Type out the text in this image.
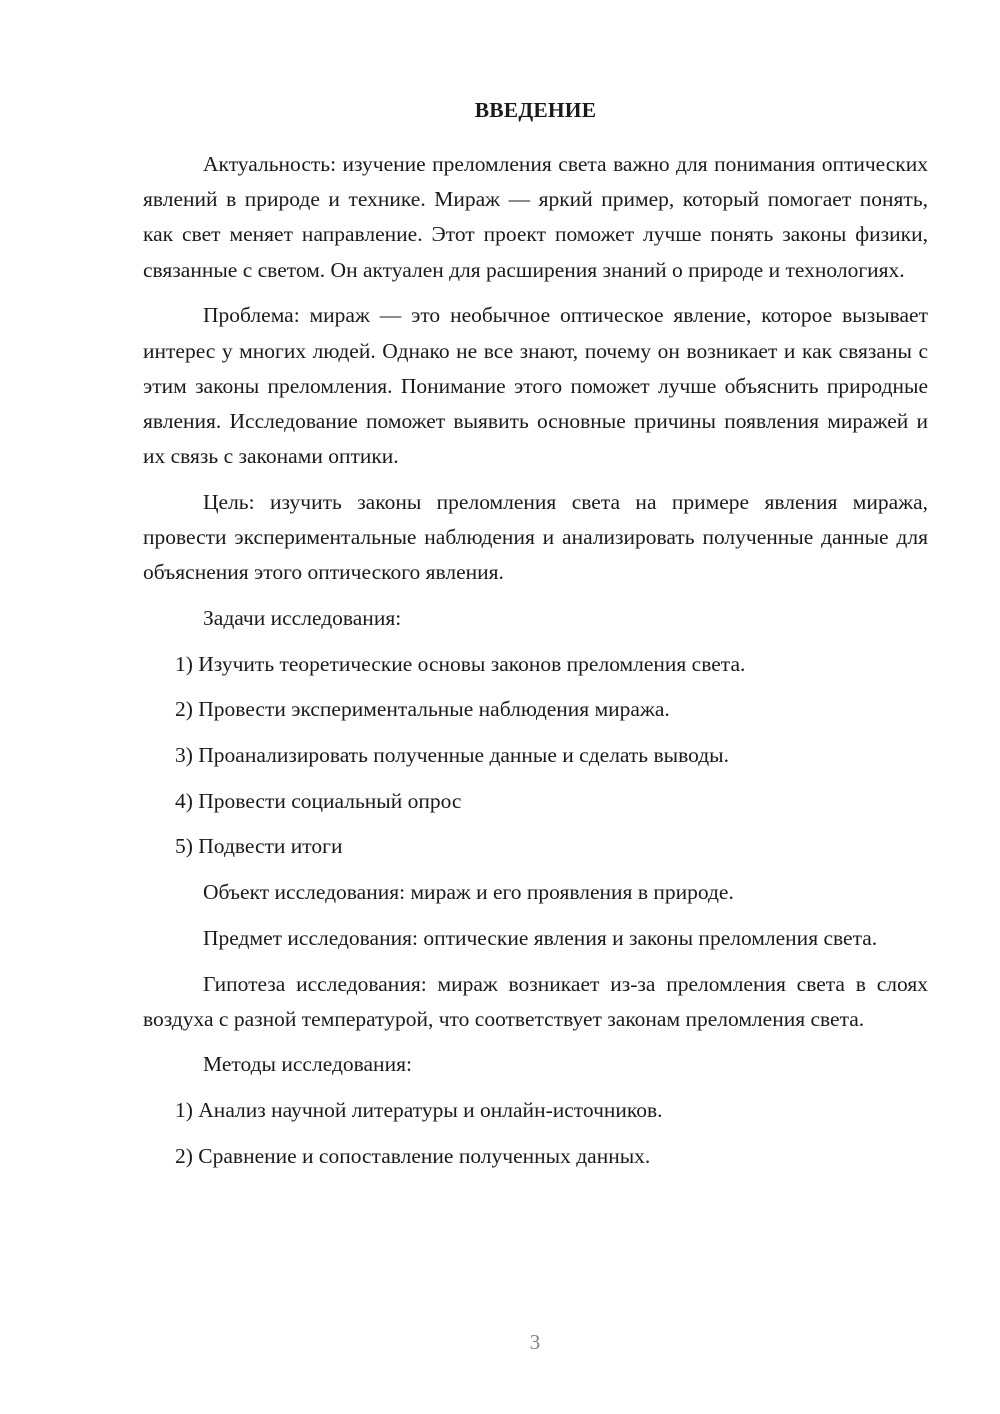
ВВЕДЕНИЕ

Актуальность: изучение преломления света важно для понимания оптических явлений в природе и технике. Мираж — яркий пример, который помогает понять, как свет меняет направление. Этот проект поможет лучше понять законы физики, связанные с светом. Он актуален для расширения знаний о природе и технологиях.

Проблема: мираж — это необычное оптическое явление, которое вызывает интерес у многих людей. Однако не все знают, почему он возникает и как связаны с этим законы преломления. Понимание этого поможет лучше объяснить природные явления. Исследование поможет выявить основные причины появления миражей и их связь с законами оптики.

Цель: изучить законы преломления света на примере явления миража, провести экспериментальные наблюдения и анализировать полученные данные для объяснения этого оптического явления.

Задачи исследования:
1) Изучить теоретические основы законов преломления света.
2) Провести экспериментальные наблюдения миража.
3) Проанализировать полученные данные и сделать выводы.
4) Провести социальный опрос
5) Подвести итоги

Объект исследования: мираж и его проявления в природе.

Предмет исследования: оптические явления и законы преломления света.

Гипотеза исследования: мираж возникает из-за преломления света в слоях воздуха с разной температурой, что соответствует законам преломления света.

Методы исследования:
1) Анализ научной литературы и онлайн-источников.
2) Сравнение и сопоставление полученных данных.
3
